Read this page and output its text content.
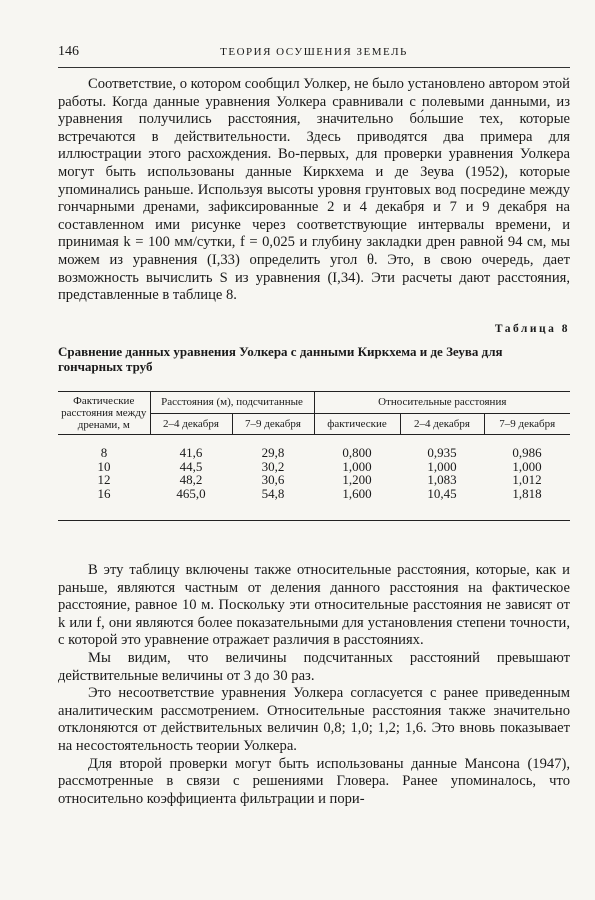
146	ТЕОРИЯ ОСУШЕНИЯ ЗЕМЕЛЬ

Соответствие, о котором сообщил Уолкер, не было установлено автором этой работы. Когда данные уравнения Уолкера сравнивали с полевыми данными, из уравнения получились расстояния, значительно бо́льшие тех, которые встречаются в действительности. Здесь приводятся два примера для иллюстрации этого расхождения. Во-первых, для проверки уравнения Уолкера могут быть использованы данные Киркхема и де Зеува (1952), которые упоминались раньше. Используя высоты уровня грунтовых вод посредине между гончарными дренами, зафиксированные 2 и 4 декабря и 7 и 9 декабря на составленном ими рисунке через соответствующие интервалы времени, и принимая k = 100 мм/сутки, f = 0,025 и глубину закладки дрен равной 94 см, мы можем из уравнения (I,33) определить угол θ. Это, в свою очередь, дает возможность вычислить S из уравнения (I,34). Эти расчеты дают расстояния, представленные в таблице 8.

Таблица 8
Сравнение данных уравнения Уолкера с данными Киркхема и де Зеува для гончарных труб
Фактические расстояния между дренами, м	Расстояния (м), подсчитанные		Относительные расстояния		
	2–4 декабря	7–9 декабря	фактические	2–4 декабря	7–9 декабря
8	41,6	29,8	0,800	0,935	0,986
10	44,5	30,2	1,000	1,000	1,000
12	48,2	30,6	1,200	1,083	1,012
16	465,0	54,8	1,600	10,45	1,818

В эту таблицу включены также относительные расстояния, которые, как и раньше, являются частным от деления данного расстояния на фактическое расстояние, равное 10 м. Поскольку эти относительные расстояния не зависят от k или f, они являются более показательными для установления степени точности, с которой это уравнение отражает различия в расстояниях.

Мы видим, что величины подсчитанных расстояний превышают действительные величины от 3 до 30 раз.

Это несоответствие уравнения Уолкера согласуется с ранее приведенным аналитическим рассмотрением. Относительные расстояния также значительно отклоняются от действительных величин 0,8; 1,0; 1,2; 1,6. Это вновь показывает на несостоятельность теории Уолкера.

Для второй проверки могут быть использованы данные Мансона (1947), рассмотренные в связи с решениями Гловера. Ранее упоминалось, что относительно коэффициента фильтрации и пори-
